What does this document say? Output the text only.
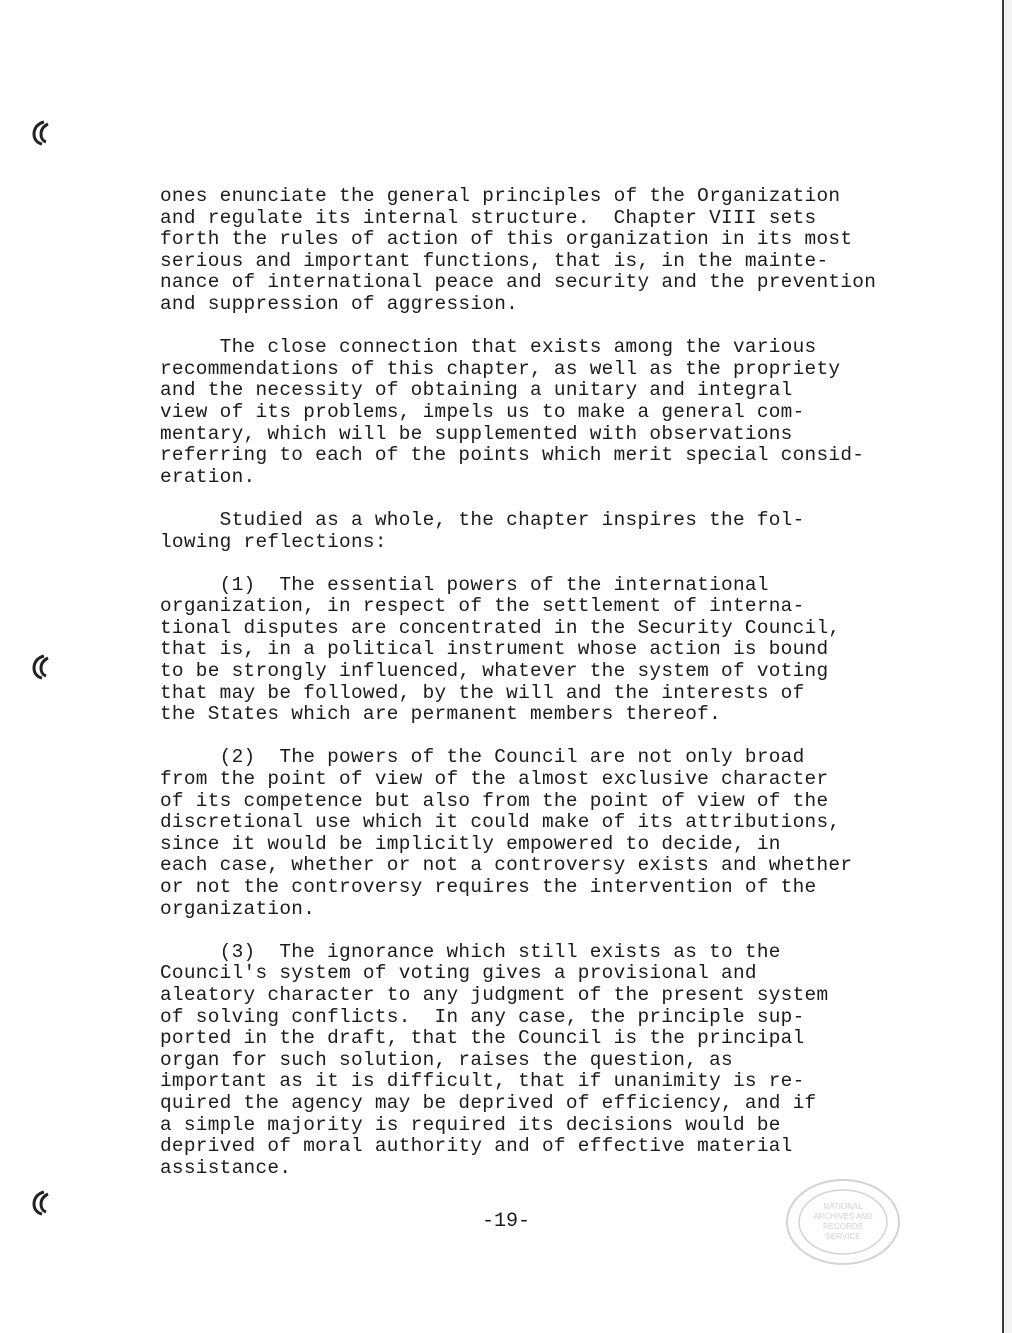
ones enunciate the general principles of the Organization
and regulate its internal structure.  Chapter VIII sets
forth the rules of action of this organization in its most
serious and important functions, that is, in the mainte-
nance of international peace and security and the prevention
and suppression of aggression.

The close connection that exists among the various
recommendations of this chapter, as well as the propriety
and the necessity of obtaining a unitary and integral
view of its problems, impels us to make a general com-
mentary, which will be supplemented with observations
referring to each of the points which merit special consid-
eration.

Studied as a whole, the chapter inspires the fol-
lowing reflections:

(1)  The essential powers of the international
organization, in respect of the settlement of interna-
tional disputes are concentrated in the Security Council,
that is, in a political instrument whose action is bound
to be strongly influenced, whatever the system of voting
that may be followed, by the will and the interests of
the States which are permanent members thereof.

(2)  The powers of the Council are not only broad
from the point of view of the almost exclusive character
of its competence but also from the point of view of the
discretional use which it could make of its attributions,
since it would be implicitly empowered to decide, in
each case, whether or not a controversy exists and whether
or not the controversy requires the intervention of the
organization.

(3)  The ignorance which still exists as to the
Council's system of voting gives a provisional and
aleatory character to any judgment of the present system
of solving conflicts.  In any case, the principle sup-
ported in the draft, that the Council is the principal
organ for such solution, raises the question, as
important as it is difficult, that if unanimity is re-
quired the agency may be deprived of efficiency, and if
a simple majority is required its decisions would be
deprived of moral authority and of effective material
assistance.

NATIONAL
ARCHIVES AND
RECORDS
SERVICE
-19-
